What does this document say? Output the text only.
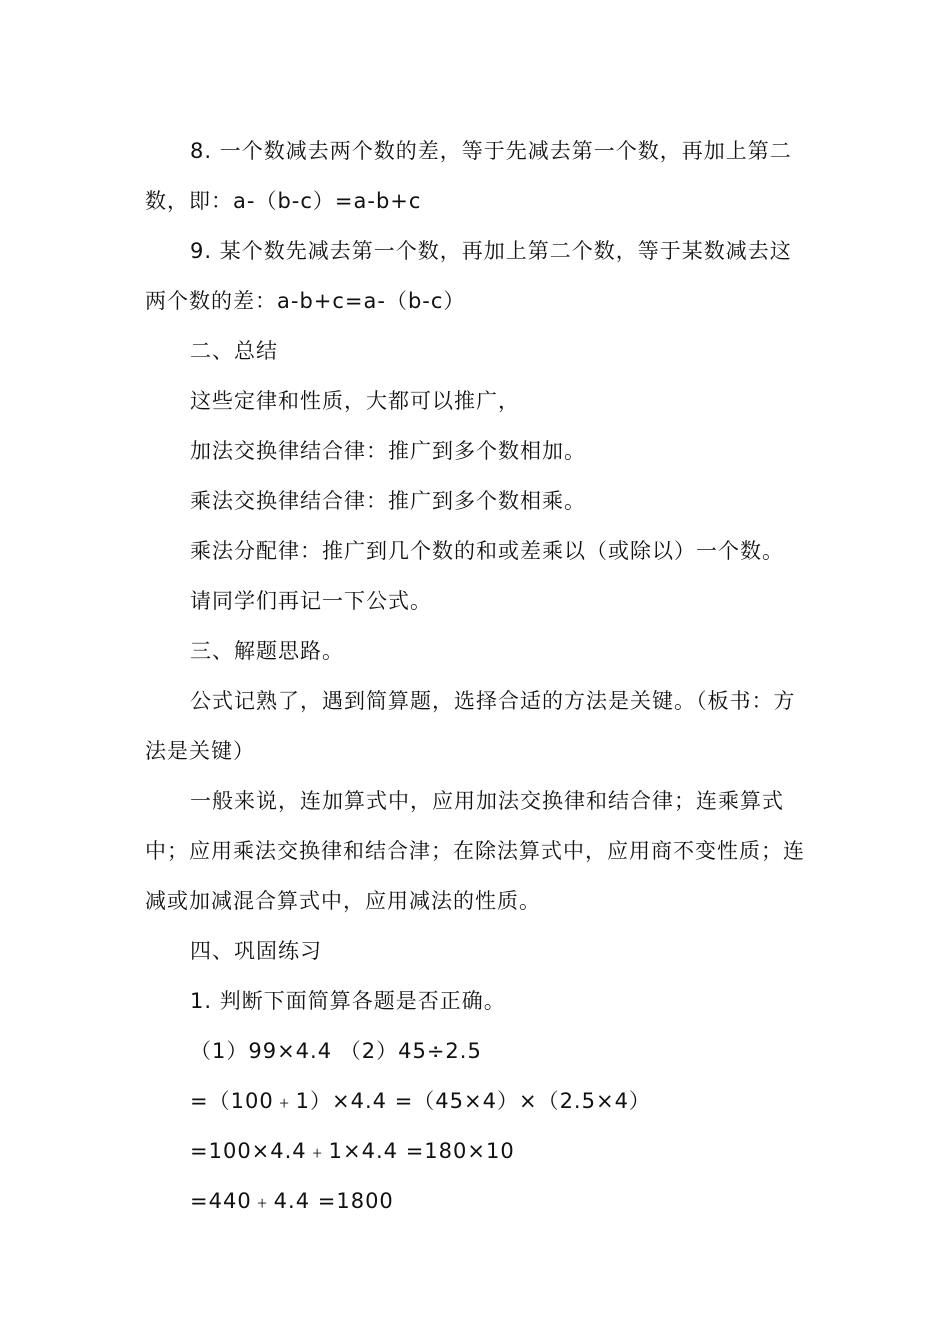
8. 一个数减去两个数的差，等于先减去第一个数，再加上第二数，即：a-（b-c）=a-b+c

9. 某个数先减去第一个数，再加上第二个数，等于某数减去这两个数的差：a-b+c=a-（b-c）

二、总结

这些定律和性质，大都可以推广，

加法交换律结合律：推广到多个数相加。

乘法交换律结合律：推广到多个数相乘。

乘法分配律：推广到几个数的和或差乘以（或除以）一个数。

请同学们再记一下公式。

三、解题思路。

公式记熟了，遇到简算题，选择合适的方法是关键。（板书：方法是关键）

一般来说，连加算式中，应用加法交换律和结合律；连乘算式中；应用乘法交换律和结合津；在除法算式中，应用商不变性质；连减或加减混合算式中，应用减法的性质。

四、巩固练习

1. 判断下面简算各题是否正确。

（1）99×4.4 （2）45÷2.5

=（100﹢1）×4.4 =（45×4）×（2.5×4）

=100×4.4﹢1×4.4 =180×10

=440﹢4.4 =1800
